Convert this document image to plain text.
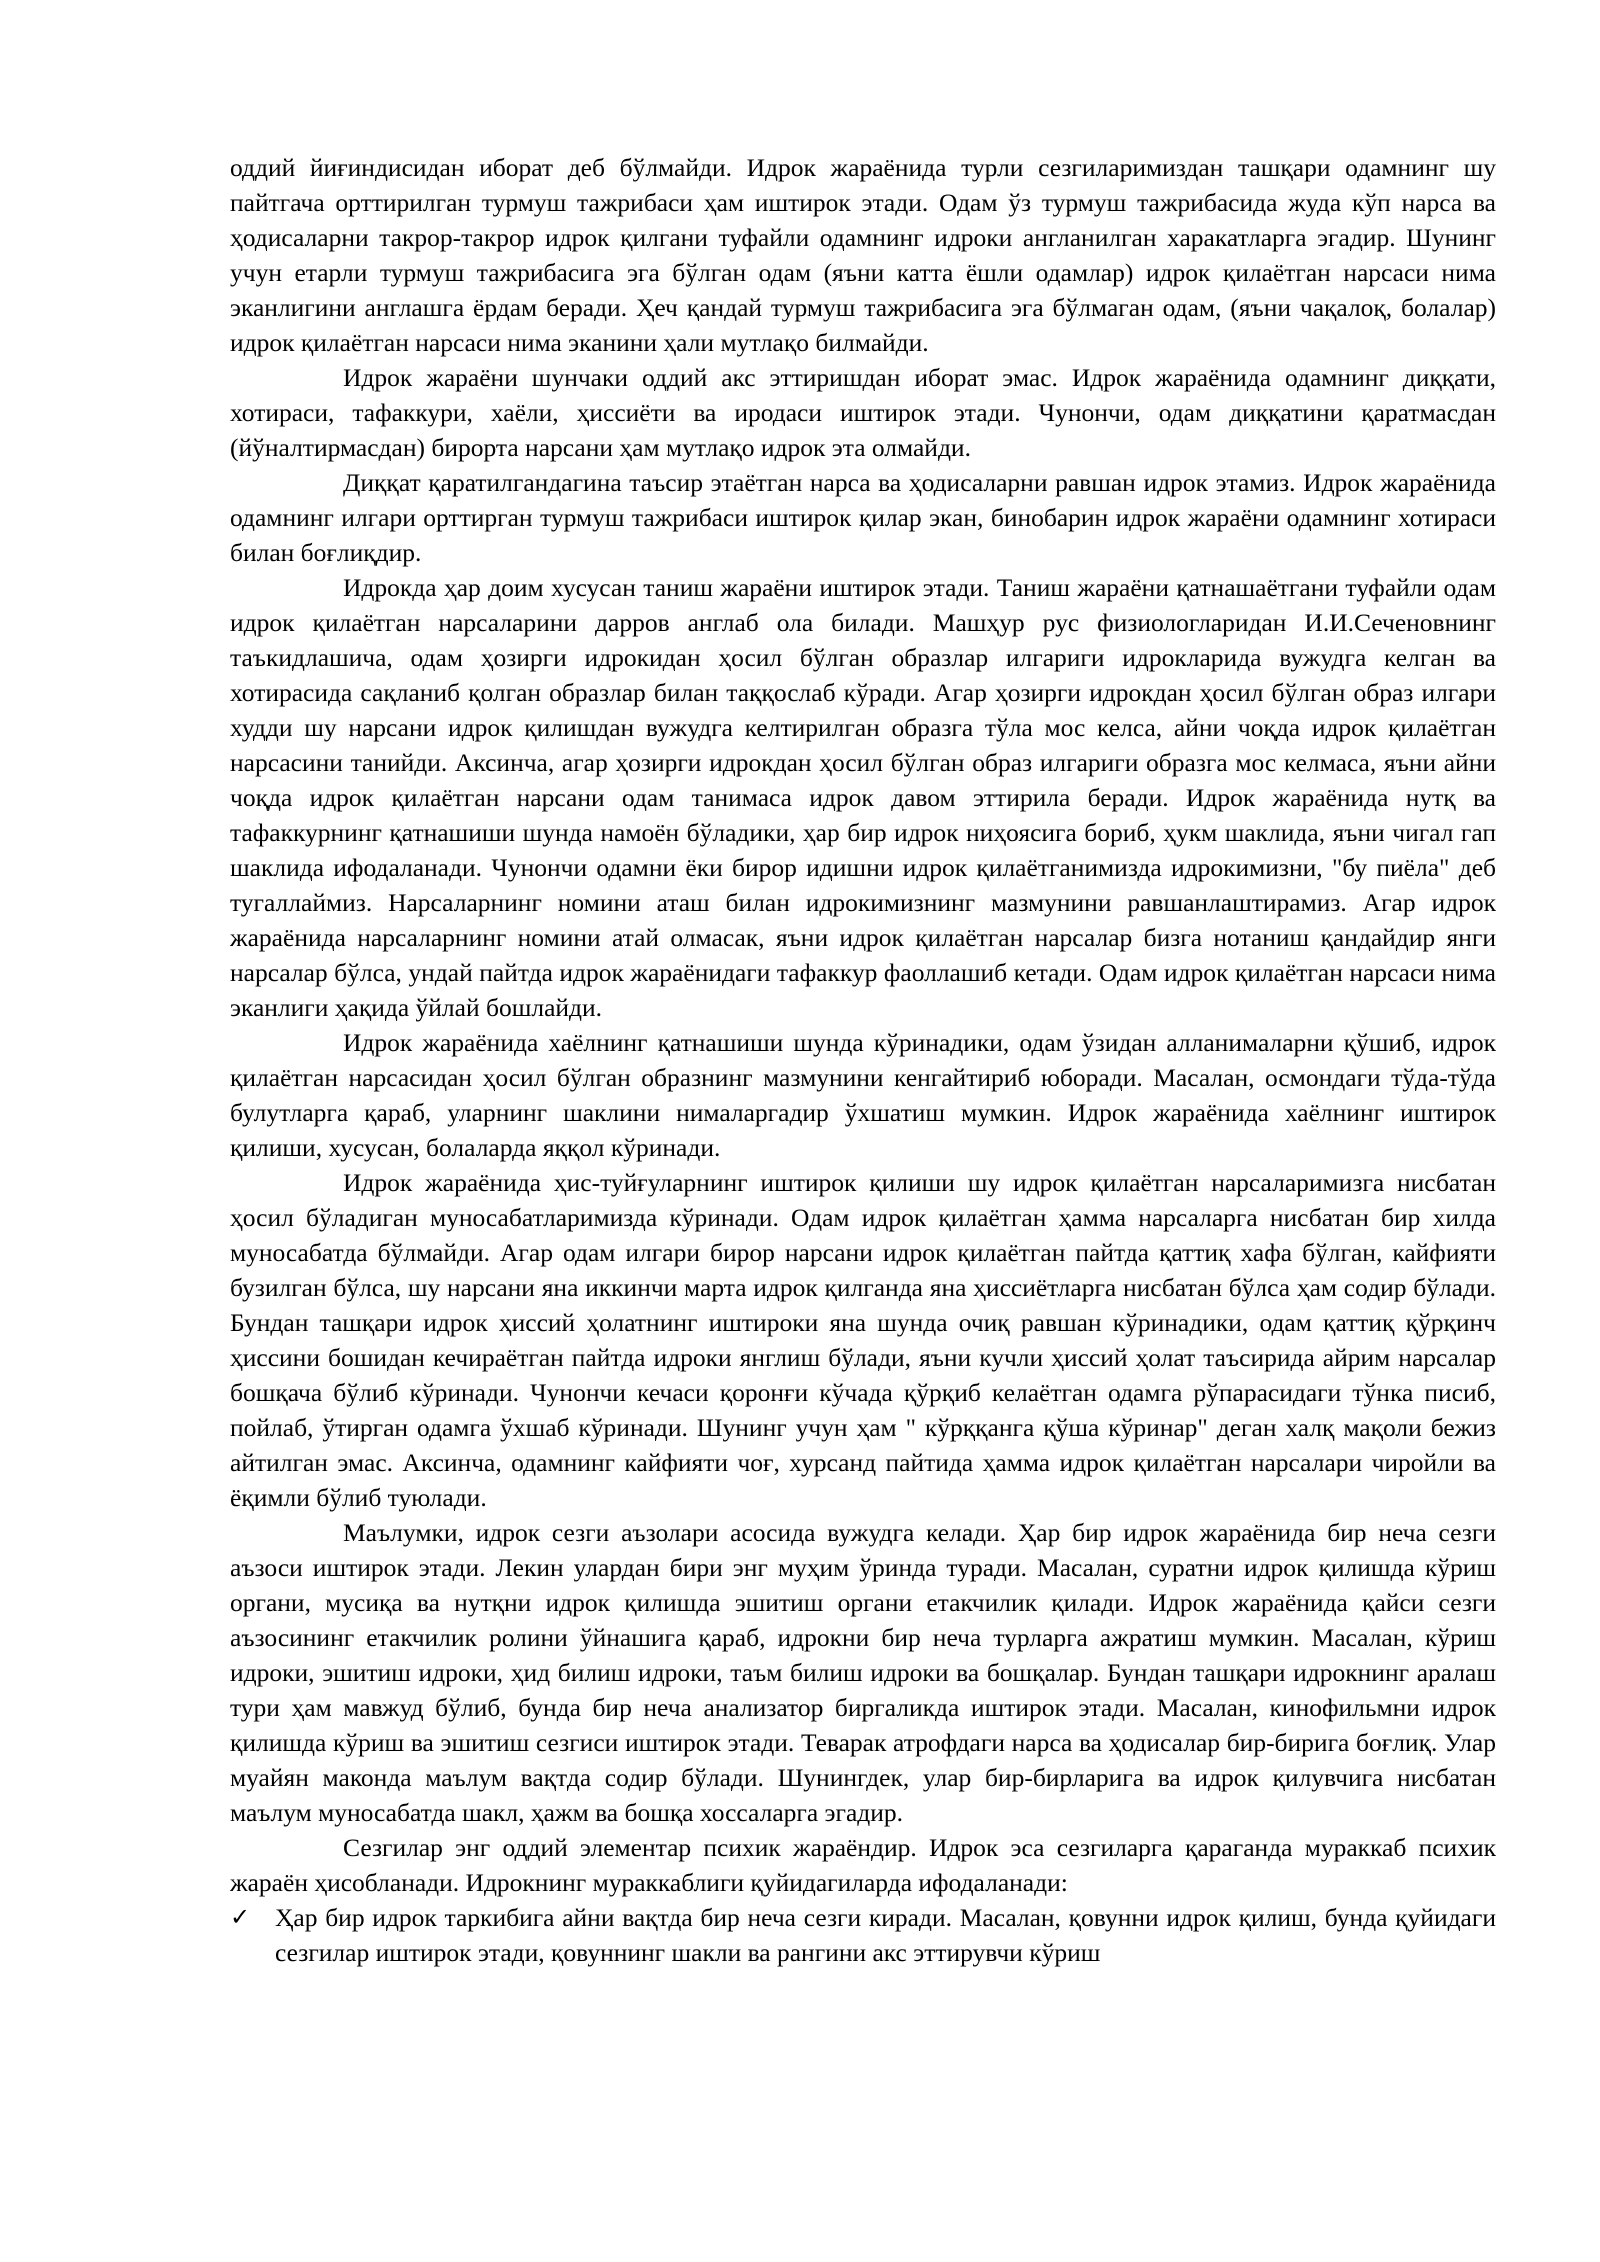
оддий йиғиндисидан иборат деб бўлмайди. Идрок жараёнида турли сезгиларимиздан ташқари одамнинг шу пайтгача орттирилган турмуш тажрибаси ҳам иштирок этади. Одам ўз турмуш тажрибасида жуда кўп нарса ва ҳодисаларни такрор-такрор идрок қилгани туфайли одамнинг идроки англанилган харакатларга эгадир. Шунинг учун етарли турмуш тажрибасига эга бўлган одам (яъни катта ёшли одамлар) идрок қилаётган нарсаси нима эканлигини англашга ёрдам беради. Ҳеч қандай турмуш тажрибасига эга бўлмаган одам, (яъни чақалоқ, болалар) идрок қилаётган нарсаси нима эканини ҳали мутлақо билмайди.

Идрок жараёни шунчаки оддий акс эттиришдан иборат эмас. Идрок жараёнида одамнинг диққати, хотираси, тафаккури, хаёли, ҳиссиёти ва иродаси иштирок этади. Чунончи, одам диққатини қаратмасдан (йўналтирмасдан) бирорта нарсани ҳам мутлақо идрок эта олмайди.

Диққат қаратилгандагина таъсир этаётган нарса ва ҳодисаларни равшан идрок этамиз. Идрок жараёнида одамнинг илгари орттирган турмуш тажрибаси иштирок қилар экан, бинобарин идрок жараёни одамнинг хотираси билан боғлиқдир.

Идрокда ҳар доим хусусан таниш жараёни иштирок этади. Таниш жараёни қатнашаётгани туфайли одам идрок қилаётган нарсаларини дарров англаб ола билади. Машҳур рус физиологларидан И.И.Сеченовнинг таъкидлашича, одам ҳозирги идрокидан ҳосил бўлган образлар илгариги идрокларида вужудга келган ва хотирасида сақланиб қолган образлар билан таққослаб кўради. Агар ҳозирги идрокдан ҳосил бўлган образ илгари худди шу нарсани идрок қилишдан вужудга келтирилган образга тўла мос келса, айни чоқда идрок қилаётган нарсасини танийди. Аксинча, агар ҳозирги идрокдан ҳосил бўлган образ илгариги образга мос келмаса, яъни айни чоқда идрок қилаётган нарсани одам танимаса идрок давом эттирила беради. Идрок жараёнида нутқ ва тафаккурнинг қатнашиши шунда намоён бўладики, ҳар бир идрок ниҳоясига бориб, ҳукм шаклида, яъни чигал гап шаклида ифодаланади. Чунончи одамни ёки бирор идишни идрок қилаётганимизда идрокимизни, "бу пиёла" деб тугаллаймиз. Нарсаларнинг номини аташ билан идрокимизнинг мазмунини равшанлаштирамиз. Агар идрок жараёнида нарсаларнинг номини атай олмасак, яъни идрок қилаётган нарсалар бизга нотаниш қандайдир янги нарсалар бўлса, ундай пайтда идрок жараёнидаги тафаккур фаоллашиб кетади. Одам идрок қилаётган нарсаси нима эканлиги ҳақида ўйлай бошлайди.

Идрок жараёнида хаёлнинг қатнашиши шунда кўринадики, одам ўзидан алланималарни қўшиб, идрок қилаётган нарсасидан ҳосил бўлган образнинг мазмунини кенгайтириб юборади. Масалан, осмондаги тўда-тўда булутларга қараб, уларнинг шаклини нималаргадир ўхшатиш мумкин. Идрок жараёнида хаёлнинг иштирок қилиши, хусусан, болаларда яққол кўринади.

Идрок жараёнида ҳис-туйғуларнинг иштирок қилиши шу идрок қилаётган нарсаларимизга нисбатан ҳосил бўладиган муносабатларимизда кўринади. Одам идрок қилаётган ҳамма нарсаларга нисбатан бир хилда муносабатда бўлмайди. Агар одам илгари бирор нарсани идрок қилаётган пайтда қаттиқ хафа бўлган, кайфияти бузилган бўлса, шу нарсани яна иккинчи марта идрок қилганда яна ҳиссиётларга нисбатан бўлса ҳам содир бўлади. Бундан ташқари идрок ҳиссий ҳолатнинг иштироки яна шунда очиқ равшан кўринадики, одам қаттиқ қўрқинч ҳиссини бошидан кечираётган пайтда идроки янглиш бўлади, яъни кучли ҳиссий ҳолат таъсирида айрим нарсалар бошқача бўлиб кўринади. Чунончи кечаси қоронғи кўчада қўрқиб келаётган одамга рўпарасидаги тўнка писиб, пойлаб, ўтирган одамга ўхшаб кўринади. Шунинг учун ҳам " кўрққанга қўша кўринар" деган халқ мақоли бежиз айтилган эмас. Аксинча, одамнинг кайфияти чоғ, хурсанд пайтида ҳамма идрок қилаётган нарсалари чиройли ва ёқимли бўлиб туюлади.

Маълумки, идрок сезги аъзолари асосида вужудга келади. Ҳар бир идрок жараёнида бир неча сезги аъзоси иштирок этади. Лекин улардан бири энг муҳим ўринда туради. Масалан, суратни идрок қилишда кўриш органи, мусиқа ва нутқни идрок қилишда эшитиш органи етакчилик қилади. Идрок жараёнида қайси сезги аъзосининг етакчилик ролини ўйнашига қараб, идрокни бир неча турларга ажратиш мумкин. Масалан, кўриш идроки, эшитиш идроки, ҳид билиш идроки, таъм билиш идроки ва бошқалар. Бундан ташқари идрокнинг аралаш тури ҳам мавжуд бўлиб, бунда бир неча анализатор биргаликда иштирок этади. Масалан, кинофильмни идрок қилишда кўриш ва эшитиш сезгиси иштирок этади. Теварак атрофдаги нарса ва ҳодисалар бир-бирига боғлиқ. Улар муайян маконда маълум вақтда содир бўлади. Шунингдек, улар бир-бирларига ва идрок қилувчига нисбатан маълум муносабатда шакл, ҳажм ва бошқа хоссаларга эгадир.

Сезгилар энг оддий элементар психик жараёндир. Идрок эса сезгиларга қараганда мураккаб психик жараён ҳисобланади. Идрокнинг мураккаблиги қуйидагиларда ифодаланади:

✓ Ҳар бир идрок таркибига айни вақтда бир неча сезги киради. Масалан, қовунни идрок қилиш, бунда қуйидаги сезгилар иштирок этади, қовуннинг шакли ва рангини акс эттирувчи кўриш
